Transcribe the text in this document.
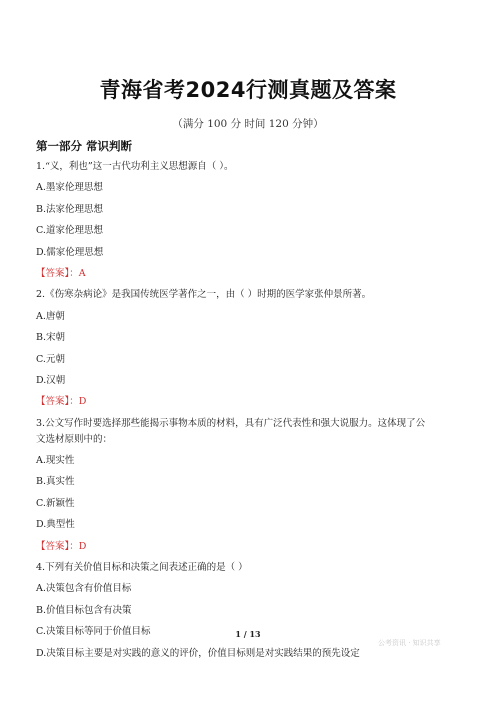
青海省考2024行测真题及答案
（满分 100 分 时间 120 分钟）
第一部分 常识判断
1.“义，利也”这一古代功利主义思想源自（ ）。
A.墨家伦理思想
B.法家伦理思想
C.道家伦理思想
D.儒家伦理思想
【答案】：A
2.《伤寒杂病论》是我国传统医学著作之一，由（ ）时期的医学家张仲景所著。
A.唐朝
B.宋朝
C.元朝
D.汉朝
【答案】：D
3.公文写作时要选择那些能揭示事物本质的材料，具有广泛代表性和强大说服力。这体现了公
文选材原则中的：
A.现实性
B.真实性
C.新颖性
D.典型性
【答案】：D
4.下列有关价值目标和决策之间表述正确的是（ ）
A.决策包含有价值目标
B.价值目标包含有决策
C.决策目标等同于价值目标
D.决策目标主要是对实践的意义的评价，价值目标则是对实践结果的预先设定
1 / 13
公考资讯 · 知识共享
